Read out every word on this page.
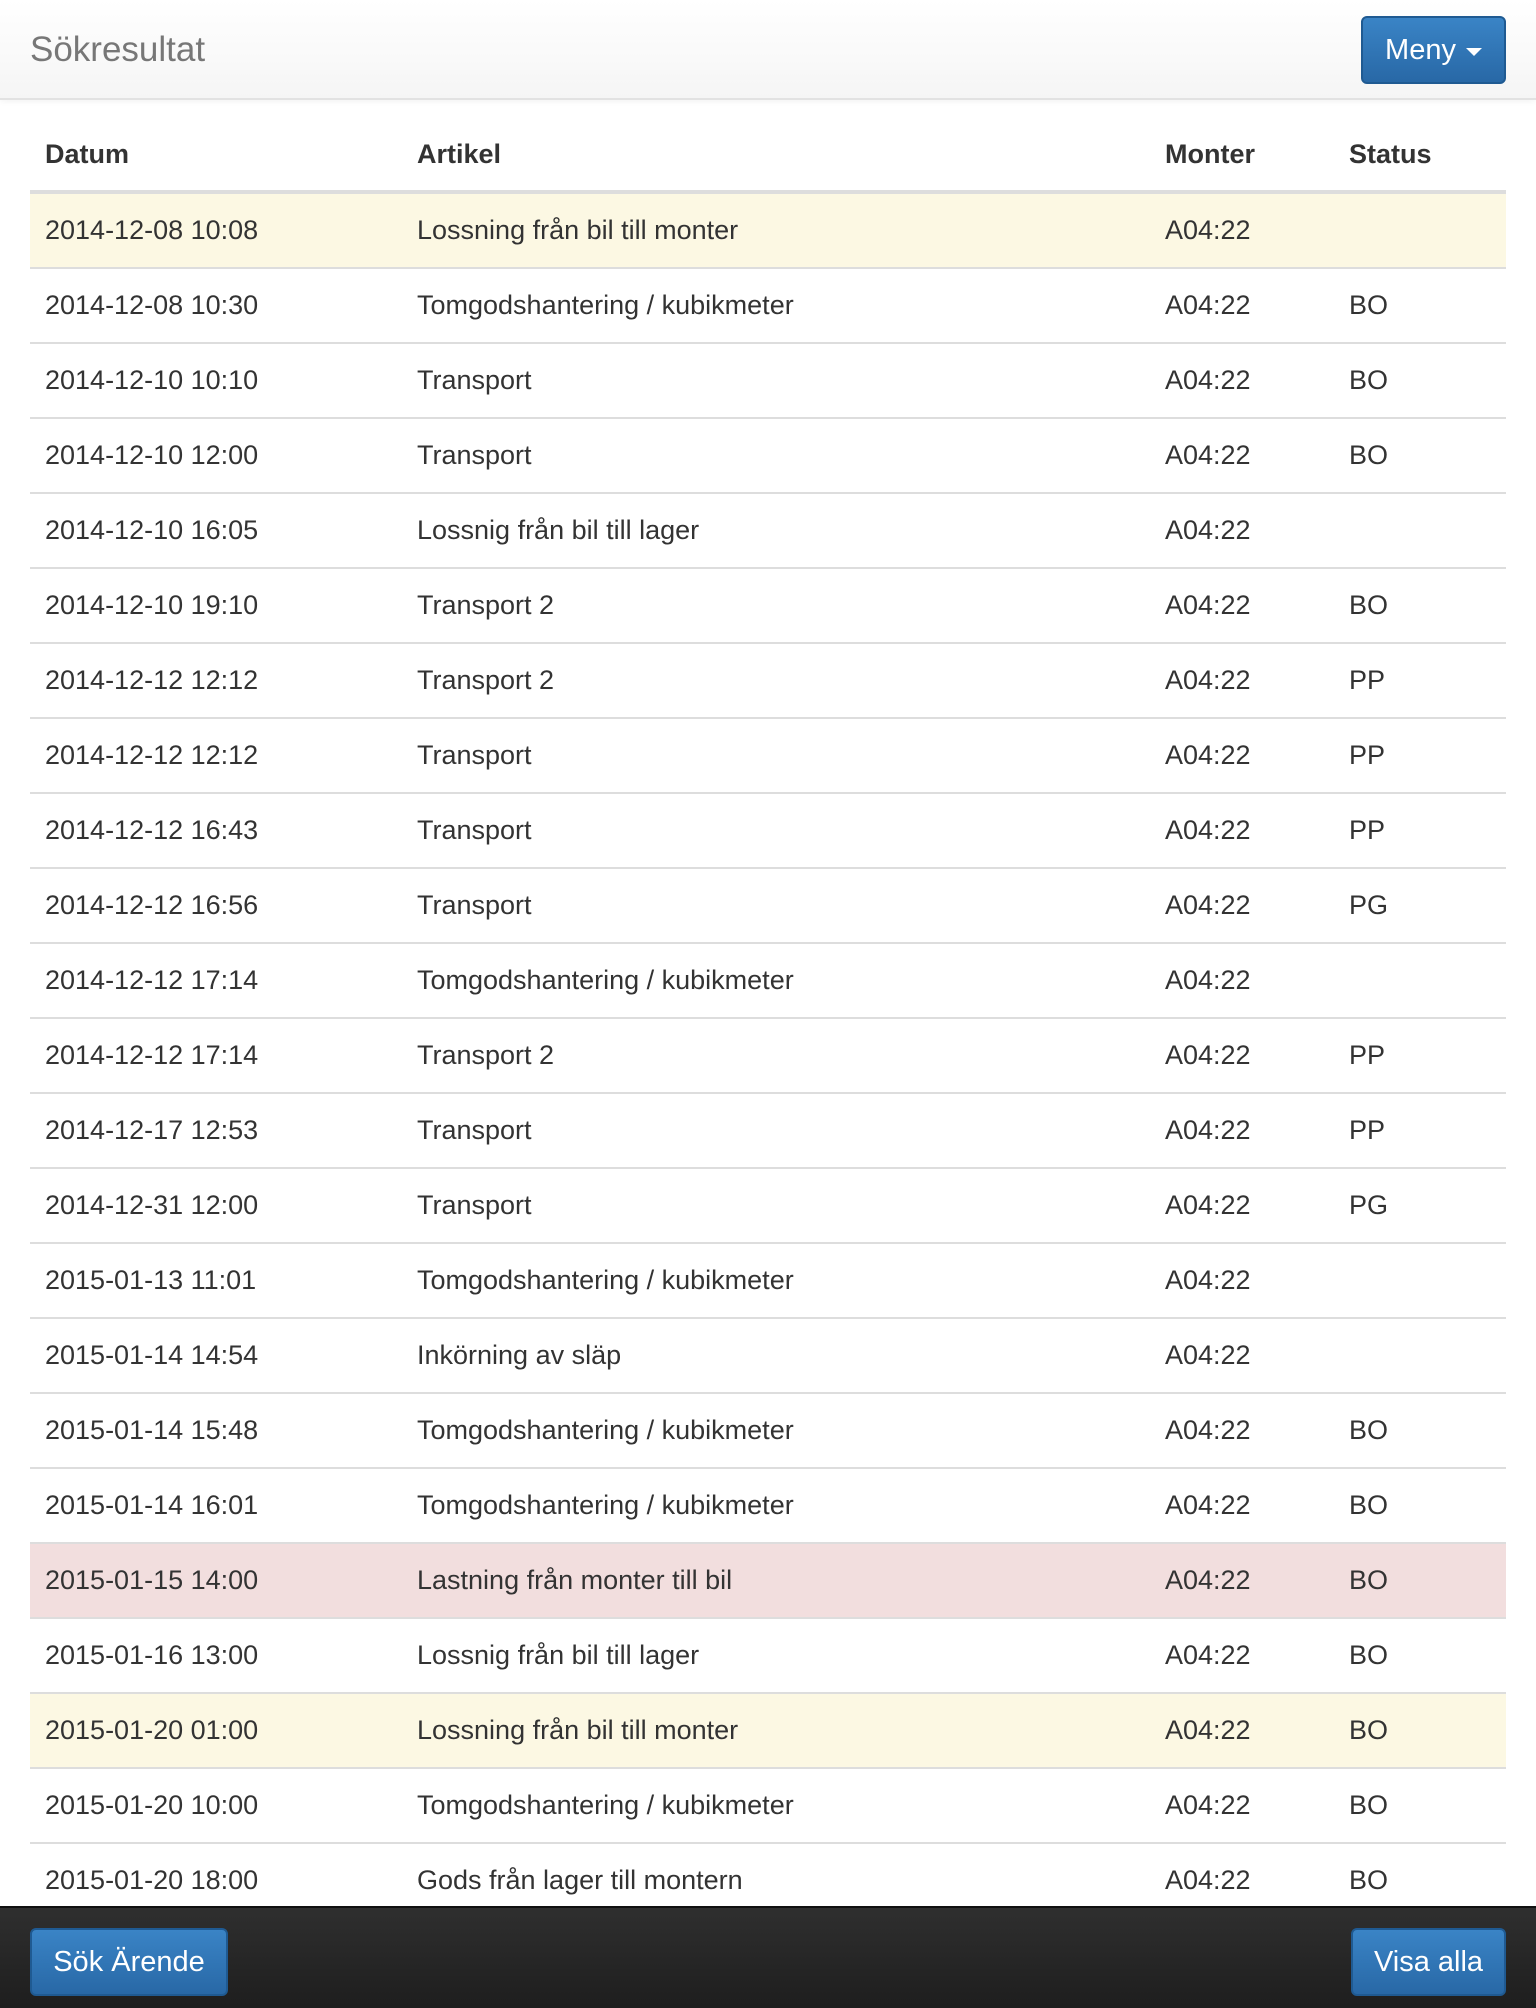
Sökresultat	Meny
Datum	Artikel	Monter	Status
2014-12-08 10:08	Lossning från bil till monter	A04:22	
2014-12-08 10:30	Tomgodshantering / kubikmeter	A04:22	BO
2014-12-10 10:10	Transport	A04:22	BO
2014-12-10 12:00	Transport	A04:22	BO
2014-12-10 16:05	Lossnig från bil till lager	A04:22	
2014-12-10 19:10	Transport 2	A04:22	BO
2014-12-12 12:12	Transport 2	A04:22	PP
2014-12-12 12:12	Transport	A04:22	PP
2014-12-12 16:43	Transport	A04:22	PP
2014-12-12 16:56	Transport	A04:22	PG
2014-12-12 17:14	Tomgodshantering / kubikmeter	A04:22	
2014-12-12 17:14	Transport 2	A04:22	PP
2014-12-17 12:53	Transport	A04:22	PP
2014-12-31 12:00	Transport	A04:22	PG
2015-01-13 11:01	Tomgodshantering / kubikmeter	A04:22	
2015-01-14 14:54	Inkörning av släp	A04:22	
2015-01-14 15:48	Tomgodshantering / kubikmeter	A04:22	BO
2015-01-14 16:01	Tomgodshantering / kubikmeter	A04:22	BO
2015-01-15 14:00	Lastning från monter till bil	A04:22	BO
2015-01-16 13:00	Lossnig från bil till lager	A04:22	BO
2015-01-20 01:00	Lossning från bil till monter	A04:22	BO
2015-01-20 10:00	Tomgodshantering / kubikmeter	A04:22	BO
2015-01-20 18:00	Gods från lager till montern	A04:22	BO
Sök Ärende	Visa alla
